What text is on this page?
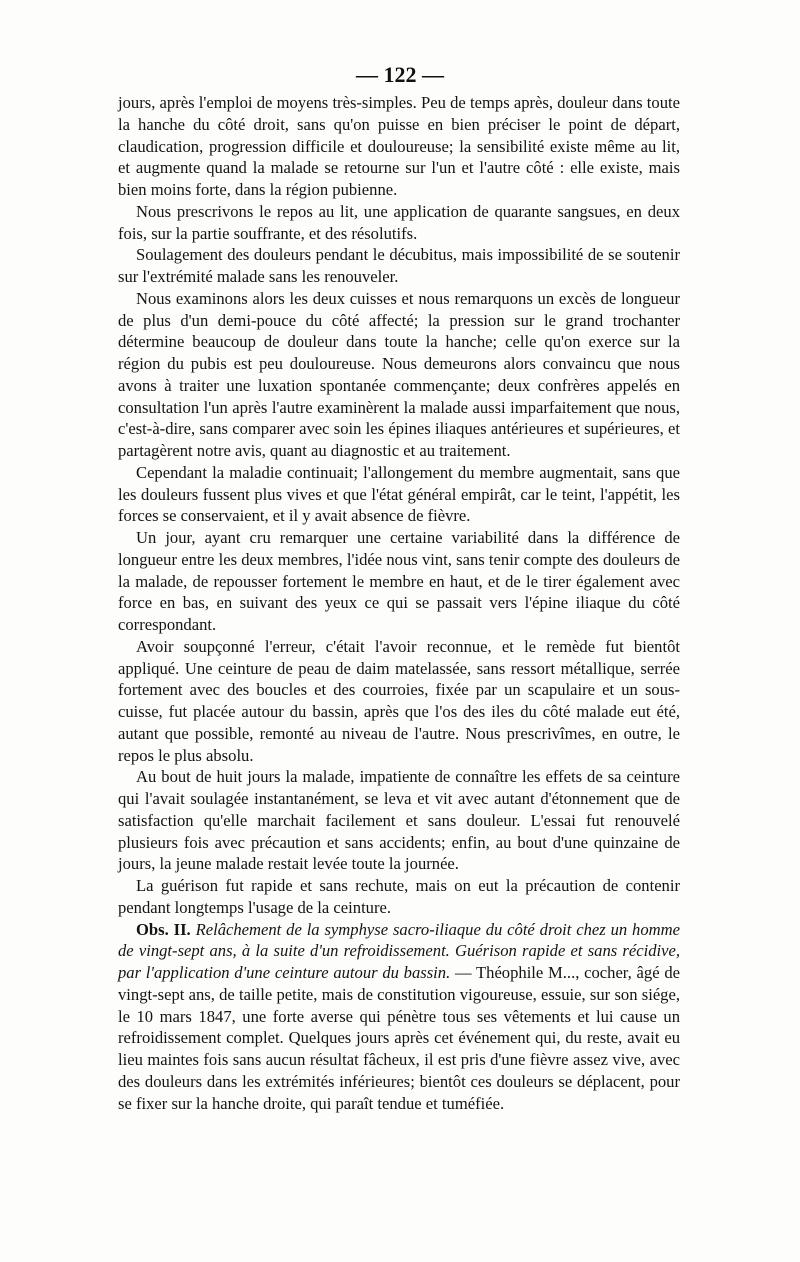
— 122 —

jours, après l'emploi de moyens très-simples. Peu de temps après, douleur dans toute la hanche du côté droit, sans qu'on puisse en bien préciser le point de départ, claudication, progression difficile et douloureuse; la sensibilité existe même au lit, et augmente quand la malade se retourne sur l'un et l'autre côté : elle existe, mais bien moins forte, dans la région pubienne.

Nous prescrivons le repos au lit, une application de quarante sangsues, en deux fois, sur la partie souffrante, et des résolutifs.

Soulagement des douleurs pendant le décubitus, mais impossibilité de se soutenir sur l'extrémité malade sans les renouveler.

Nous examinons alors les deux cuisses et nous remarquons un excès de longueur de plus d'un demi-pouce du côté affecté; la pression sur le grand trochanter détermine beaucoup de douleur dans toute la hanche; celle qu'on exerce sur la région du pubis est peu douloureuse. Nous demeurons alors convaincu que nous avons à traiter une luxation spontanée commençante; deux confrères appelés en consultation l'un après l'autre examinèrent la malade aussi imparfaitement que nous, c'est-à-dire, sans comparer avec soin les épines iliaques antérieures et supérieures, et partagèrent notre avis, quant au diagnostic et au traitement.

Cependant la maladie continuait; l'allongement du membre augmentait, sans que les douleurs fussent plus vives et que l'état général empirât, car le teint, l'appétit, les forces se conservaient, et il y avait absence de fièvre.

Un jour, ayant cru remarquer une certaine variabilité dans la différence de longueur entre les deux membres, l'idée nous vint, sans tenir compte des douleurs de la malade, de repousser fortement le membre en haut, et de le tirer également avec force en bas, en suivant des yeux ce qui se passait vers l'épine iliaque du côté correspondant.

Avoir soupçonné l'erreur, c'était l'avoir reconnue, et le remède fut bientôt appliqué. Une ceinture de peau de daim matelassée, sans ressort métallique, serrée fortement avec des boucles et des courroies, fixée par un scapulaire et un sous-cuisse, fut placée autour du bassin, après que l'os des iles du côté malade eut été, autant que possible, remonté au niveau de l'autre. Nous prescrivîmes, en outre, le repos le plus absolu.

Au bout de huit jours la malade, impatiente de connaître les effets de sa ceinture qui l'avait soulagée instantanément, se leva et vit avec autant d'étonnement que de satisfaction qu'elle marchait facilement et sans douleur. L'essai fut renouvelé plusieurs fois avec précaution et sans accidents; enfin, au bout d'une quinzaine de jours, la jeune malade restait levée toute la journée.

La guérison fut rapide et sans rechute, mais on eut la précaution de contenir pendant longtemps l'usage de la ceinture.

Obs. II. Relâchement de la symphyse sacro-iliaque du côté droit chez un homme de vingt-sept ans, à la suite d'un refroidissement. Guérison rapide et sans récidive, par l'application d'une ceinture autour du bassin. — Théophile M..., cocher, âgé de vingt-sept ans, de taille petite, mais de constitution vigoureuse, essuie, sur son siége, le 10 mars 1847, une forte averse qui pénètre tous ses vêtements et lui cause un refroidissement complet. Quelques jours après cet événement qui, du reste, avait eu lieu maintes fois sans aucun résultat fâcheux, il est pris d'une fièvre assez vive, avec des douleurs dans les extrémités inférieures; bientôt ces douleurs se déplacent, pour se fixer sur la hanche droite, qui paraît tendue et tuméfiée.
